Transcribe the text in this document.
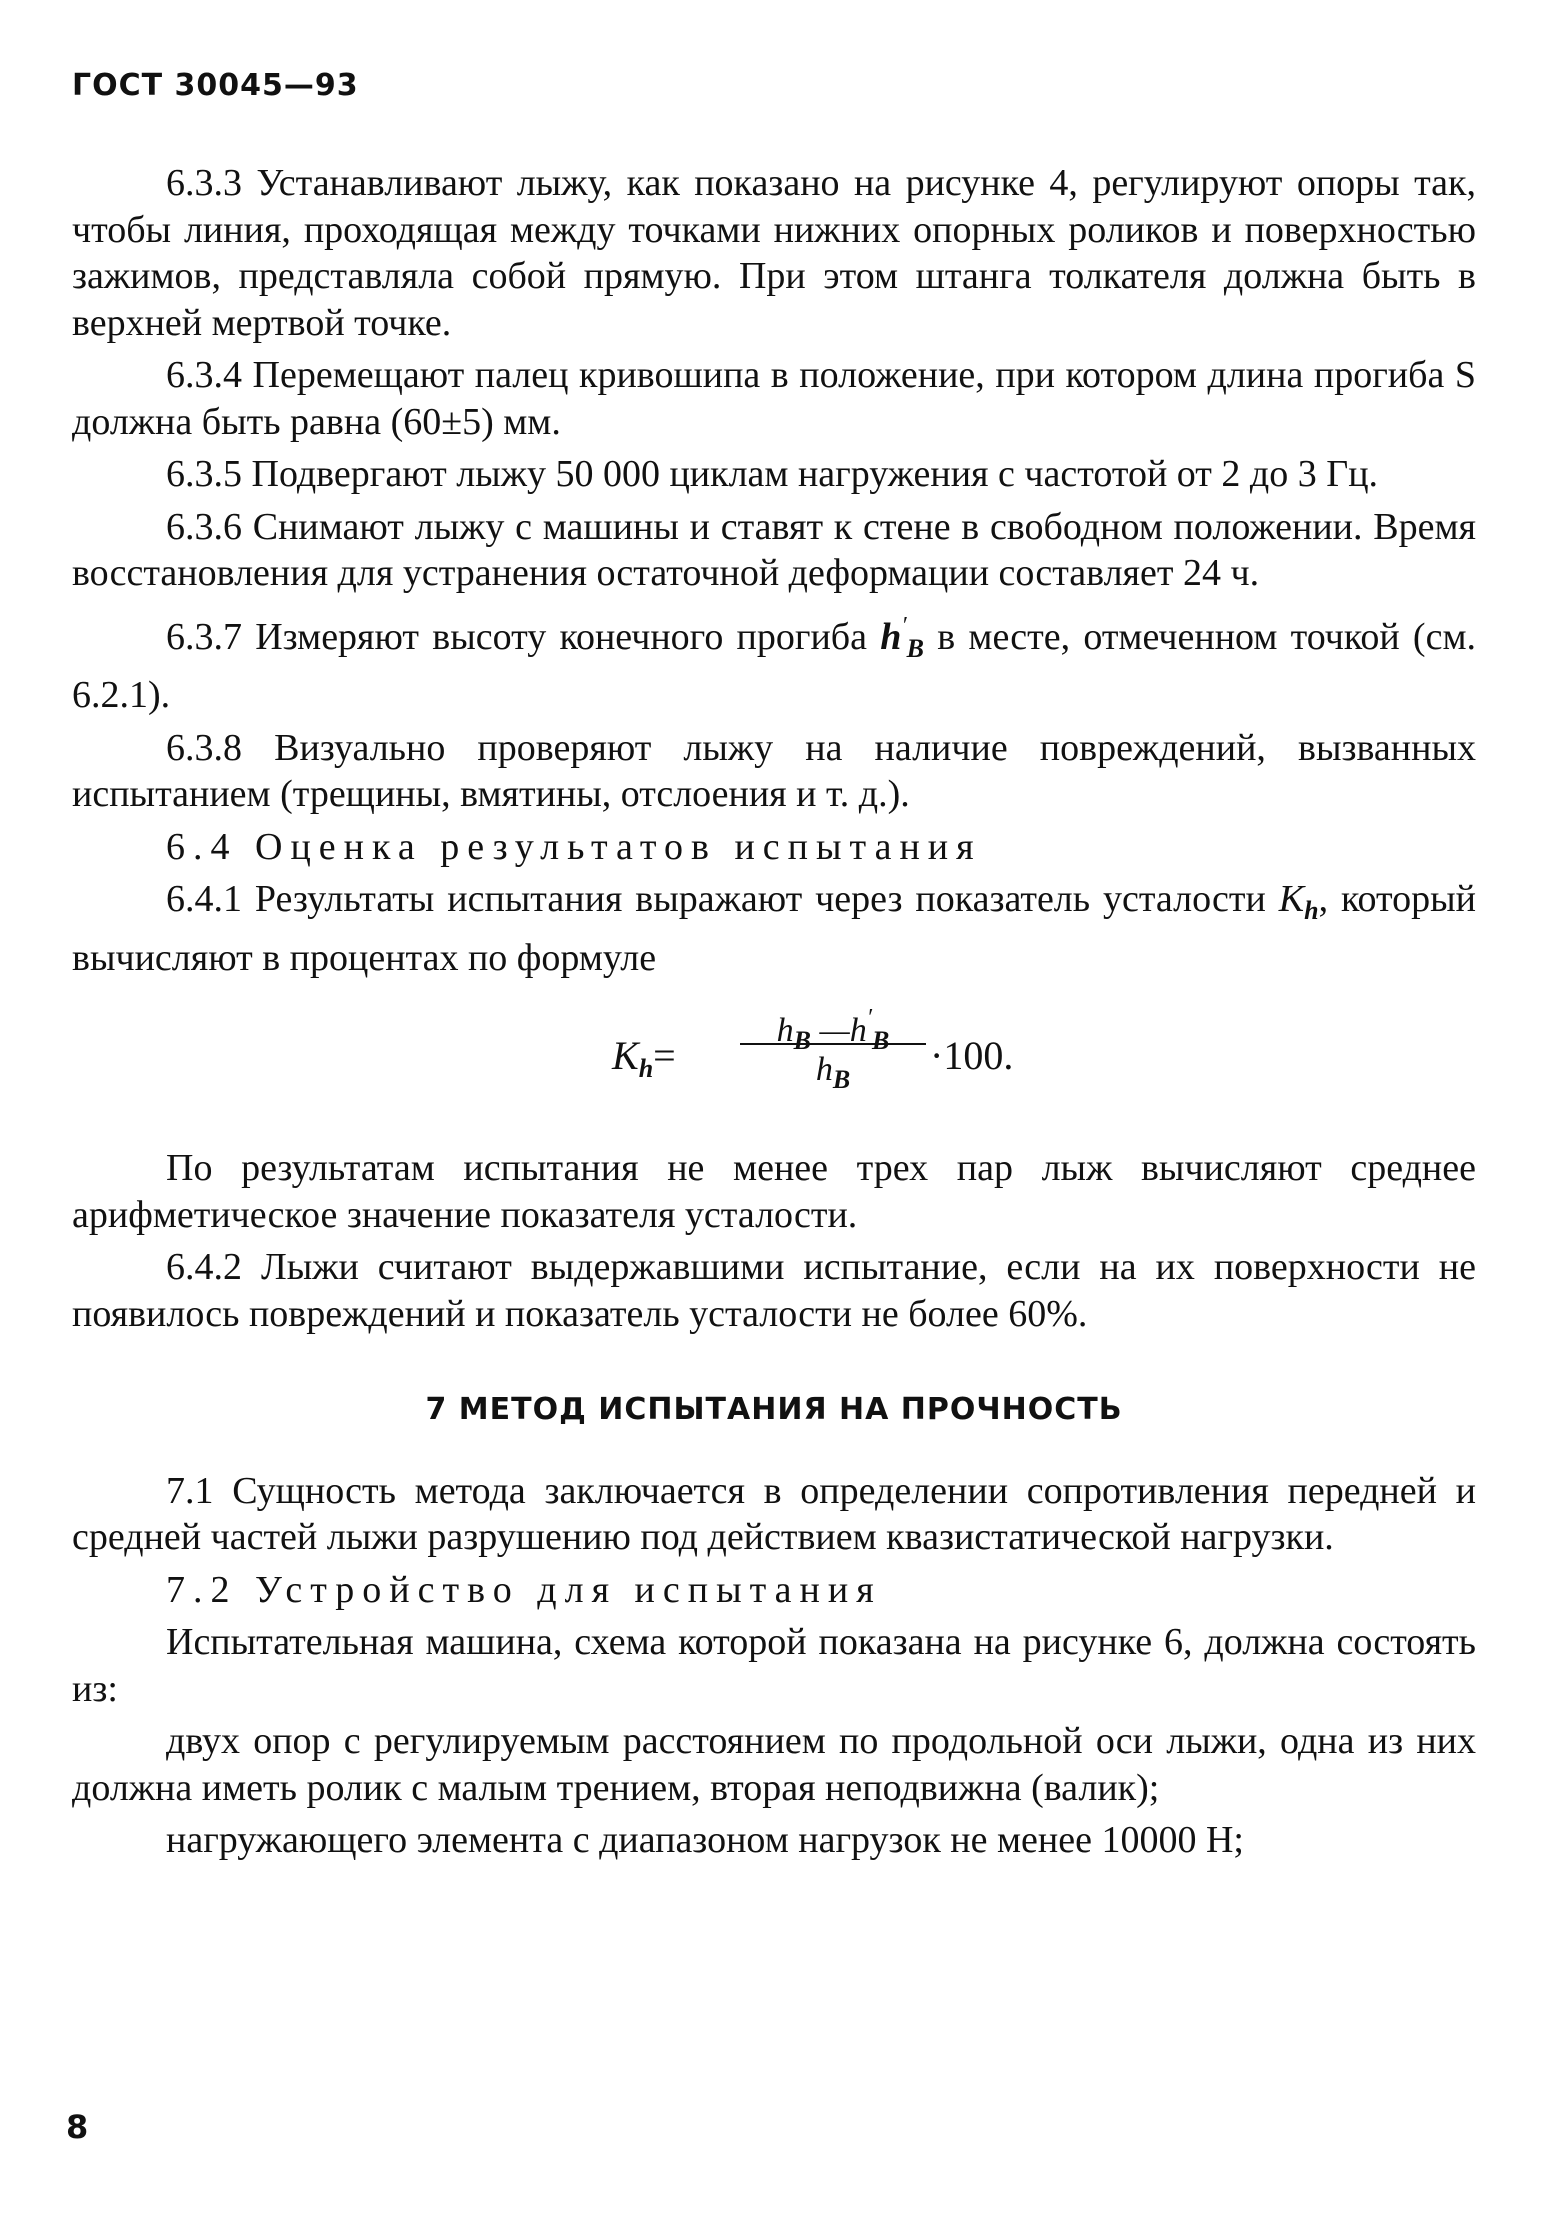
ГОСТ 30045—93

6.3.3 Устанавливают лыжу, как показано на рисунке 4, регулируют опоры так, чтобы линия, проходящая между точками нижних опорных роликов и поверхностью зажимов, представляла собой прямую. При этом штанга толкателя должна быть в верхней мертвой точке.

6.3.4 Перемещают палец кривошипа в положение, при котором длина прогиба S должна быть равна (60±5) мм.

6.3.5 Подвергают лыжу 50 000 циклам нагружения с частотой от 2 до 3 Гц.

6.3.6 Снимают лыжу с машины и ставят к стене в свободном положении. Время восстановления для устранения остаточной деформации составляет 24 ч.

6.3.7 Измеряют высоту конечного прогиба $h'_B$ в месте, отмеченном точкой (см. 6.2.1).

6.3.8 Визуально проверяют лыжу на наличие повреждений, вызванных испытанием (трещины, вмятины, отслоения и т. д.).

6.4 Оценка результатов испытания

6.4.1 Результаты испытания выражают через показатель усталости $K_h$, который вычисляют в процентах по формуле

$K_h=$
$h_B$ $—h'_B$
$h_B$
·100.

По результатам испытания не менее трех пар лыж вычисляют среднее арифметическое значение показателя усталости.

6.4.2 Лыжи считают выдержавшими испытание, если на их поверхности не появилось повреждений и показатель усталости не более 60%.

7 МЕТОД ИСПЫТАНИЯ НА ПРОЧНОСТЬ

7.1 Сущность метода заключается в определении сопротивления передней и средней частей лыжи разрушению под действием квазистатической нагрузки.

7.2 Устройство для испытания

Испытательная машина, схема которой показана на рисунке 6, должна состоять из:

двух опор с регулируемым расстоянием по продольной оси лыжи, одна из них должна иметь ролик с малым трением, вторая неподвижна (валик);

нагружающего элемента с диапазоном нагрузок не менее 10000 Н;

8
